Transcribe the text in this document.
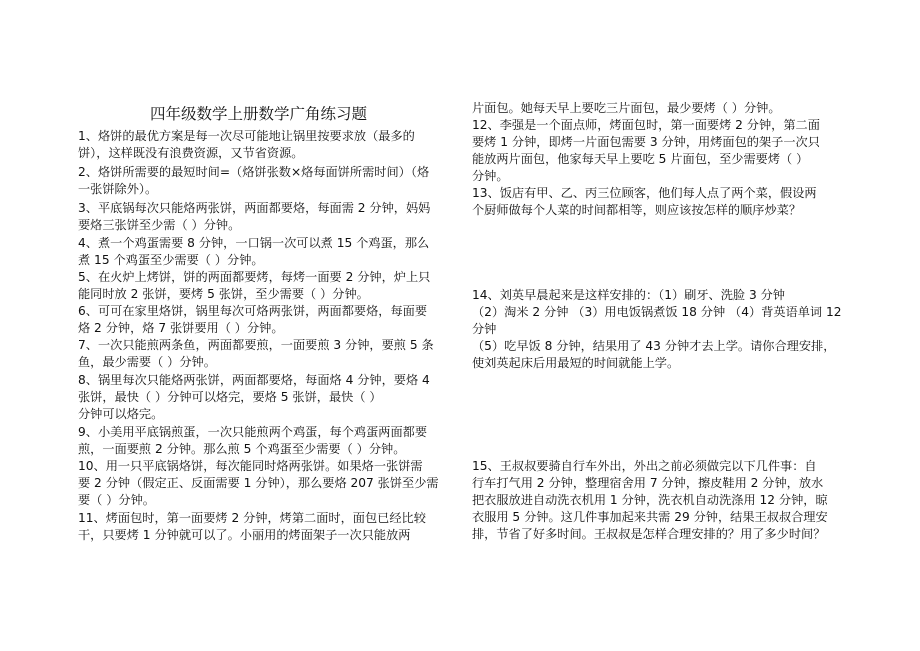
四年级数学上册数学广角练习题
1、烙饼的最优方案是每一次尽可能地让锅里按要求放（最多的
饼），这样既没有浪费资源，又节省资源。
2、烙饼所需要的最短时间=（烙饼张数×烙每面饼所需时间）（烙
一张饼除外）。
3、平底锅每次只能烙两张饼，两面都要烙，每面需 2 分钟，妈妈
要烙三张饼至少需（ ）分钟。
4、煮一个鸡蛋需要 8 分钟，一口锅一次可以煮 15 个鸡蛋，那么
煮 15 个鸡蛋至少需要（ ）分钟。
5、在火炉上烤饼，饼的两面都要烤，每烤一面要 2 分钟，炉上只
能同时放 2 张饼，要烤 5 张饼，至少需要（ ）分钟。
6、可可在家里烙饼，锅里每次可烙两张饼，两面都要烙，每面要
烙 2 分钟，烙 7 张饼要用（ ）分钟。
7、一次只能煎两条鱼，两面都要煎，一面要煎 3 分钟，要煎 5 条
鱼，最少需要（ ）分钟。
8、锅里每次只能烙两张饼，两面都要烙，每面烙 4 分钟，要烙 4
张饼，最快（ ）分钟可以烙完，要烙 5 张饼，最快（ ）
分钟可以烙完。
9、小美用平底锅煎蛋，一次只能煎两个鸡蛋，每个鸡蛋两面都要
煎，一面要煎 2 分钟。那么煎 5 个鸡蛋至少需要（ ）分钟。
10、用一只平底锅烙饼，每次能同时烙两张饼。如果烙一张饼需
要 2 分钟（假定正、反面需要 1 分钟），那么要烙 207 张饼至少需
要（ ）分钟。
11、烤面包时，第一面要烤 2 分钟，烤第二面时，面包已经比较
干，只要烤 1 分钟就可以了。小丽用的烤面架子一次只能放两
片面包。她每天早上要吃三片面包，最少要烤（ ）分钟。
12、李强是一个面点师，烤面包时，第一面要烤 2 分钟，第二面
要烤 1 分钟，即烤一片面包需要 3 分钟，用烤面包的架子一次只
能放两片面包，他家每天早上要吃 5 片面包，至少需要烤（ ）
分钟。
13、饭店有甲、乙、丙三位顾客，他们每人点了两个菜，假设两
个厨师做每个人菜的时间都相等，则应该按怎样的顺序炒菜？
14、刘英早晨起来是这样安排的：（1）刷牙、洗脸 3 分钟
（2）淘米 2 分钟 （3）用电饭锅煮饭 18 分钟 （4）背英语单词 12
分钟
（5）吃早饭 8 分钟，结果用了 43 分钟才去上学。请你合理安排，
使刘英起床后用最短的时间就能上学。
15、王叔叔要骑自行车外出，外出之前必须做完以下几件事：自
行车打气用 2 分钟，整理宿舍用 7 分钟，擦皮鞋用 2 分钟，放水
把衣服放进自动洗衣机用 1 分钟，洗衣机自动洗涤用 12 分钟，晾
衣服用 5 分钟。这几件事加起来共需 29 分钟，结果王叔叔合理安
排，节省了好多时间。王叔叔是怎样合理安排的？用了多少时间？
